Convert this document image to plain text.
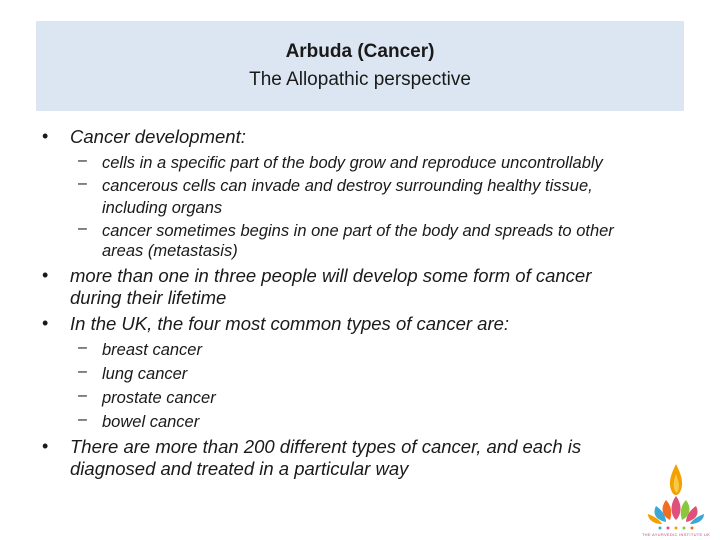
Arbuda (Cancer)
The Allopathic perspective
• Cancer development:
– cells in a specific part of the body grow and reproduce uncontrollably
– cancerous cells can invade and destroy surrounding healthy tissue,
including organs
– cancer sometimes begins in one part of the body and spreads to other
areas (metastasis)
• more than one in three people will develop some form of cancer
during their lifetime
• In the UK, the four most common types of cancer are:
– breast cancer
– lung cancer
– prostate cancer
– bowel cancer
• There are more than 200 different types of cancer, and each is
diagnosed and treated in a particular way
THE AYURVEDIC INSTITUTE UK
